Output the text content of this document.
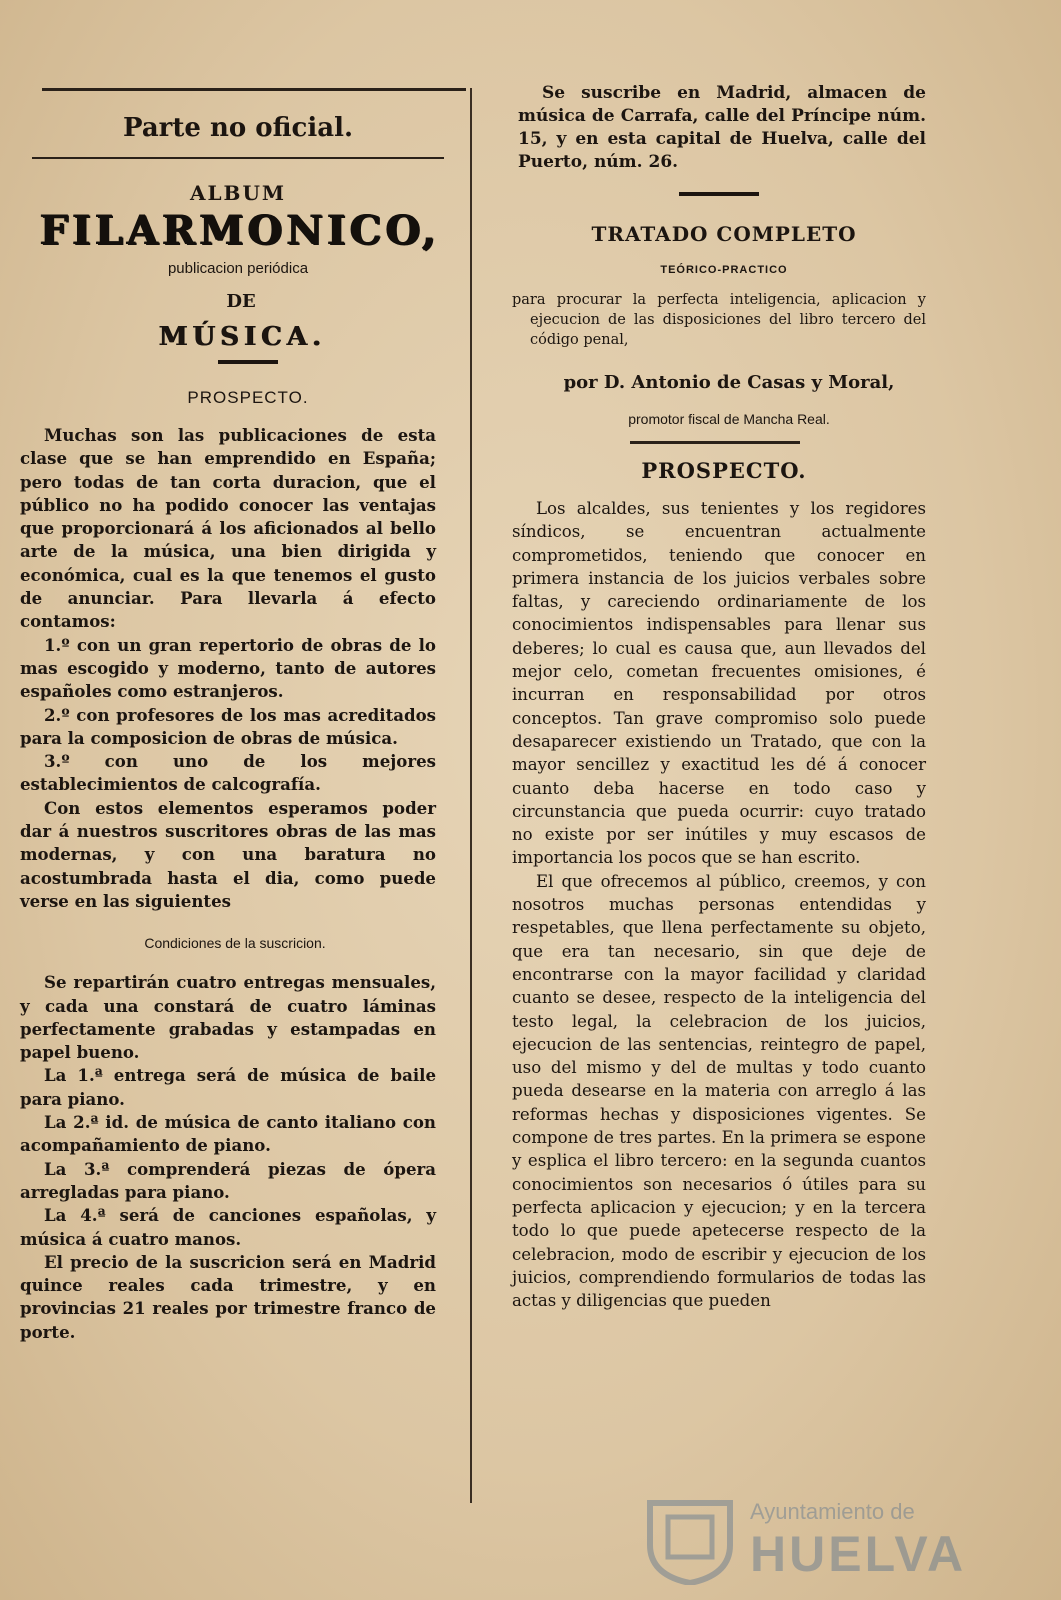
Parte no oficial.
ALBUM
FILARMONICO,
publicacion periódica
DE
MÚSICA.
PROSPECTO.

Muchas son las publicaciones de esta clase que se han emprendido en España; pero todas de tan corta duracion, que el público no ha podido conocer las ventajas que proporcionará á los aficionados al bello arte de la música, una bien dirigida y económica, cual es la que tenemos el gusto de anunciar. Para llevarla á efecto contamos:

1.º con un gran repertorio de obras de lo mas escogido y moderno, tanto de autores españoles como estranjeros.

2.º con profesores de los mas acreditados para la composicion de obras de música.

3.º con uno de los mejores establecimientos de calcografía.

Con estos elementos esperamos poder dar á nuestros suscritores obras de las mas modernas, y con una baratura no acostumbrada hasta el dia, como puede verse en las siguientes

Condiciones de la suscricion.

Se repartirán cuatro entregas mensuales, y cada una constará de cuatro láminas perfectamente grabadas y estampadas en papel bueno.

La 1.ª entrega será de música de baile para piano.

La 2.ª id. de música de canto italiano con acompañamiento de piano.

La 3.ª comprenderá piezas de ópera arregladas para piano.

La 4.ª será de canciones españolas, y música á cuatro manos.

El precio de la suscricion será en Madrid quince reales cada trimestre, y en provincias 21 reales por trimestre franco de porte.

Se suscribe en Madrid, almacen de música de Carrafa, calle del Príncipe núm. 15, y en esta capital de Huelva, calle del Puerto, núm. 26.

TRATADO COMPLETO
TEÓRICO-PRACTICO
para procurar la perfecta inteligencia, aplicacion y ejecucion de las disposiciones del libro tercero del código penal,
por D. Antonio de Casas y Moral,
promotor fiscal de Mancha Real.
PROSPECTO.

Los alcaldes, sus tenientes y los regidores síndicos, se encuentran actualmente comprometidos, teniendo que conocer en primera instancia de los juicios verbales sobre faltas, y careciendo ordinariamente de los conocimientos indispensables para llenar sus deberes; lo cual es causa que, aun llevados del mejor celo, cometan frecuentes omisiones, é incurran en responsabilidad por otros conceptos. Tan grave compromiso solo puede desaparecer existiendo un Tratado, que con la mayor sencillez y exactitud les dé á conocer cuanto deba hacerse en todo caso y circunstancia que pueda ocurrir: cuyo tratado no existe por ser inútiles y muy escasos de importancia los pocos que se han escrito.

El que ofrecemos al público, creemos, y con nosotros muchas personas entendidas y respetables, que llena perfectamente su objeto, que era tan necesario, sin que deje de encontrarse con la mayor facilidad y claridad cuanto se desee, respecto de la inteligencia del testo legal, la celebracion de los juicios, ejecucion de las sentencias, reintegro de papel, uso del mismo y del de multas y todo cuanto pueda desearse en la materia con arreglo á las reformas hechas y disposiciones vigentes. Se compone de tres partes. En la primera se espone y esplica el libro tercero: en la segunda cuantos conocimientos son necesarios ó útiles para su perfecta aplicacion y ejecucion; y en la tercera todo lo que puede apetecerse respecto de la celebracion, modo de escribir y ejecucion de los juicios, comprendiendo formularios de todas las actas y diligencias que pueden

Ayuntamiento de
HUELVA
